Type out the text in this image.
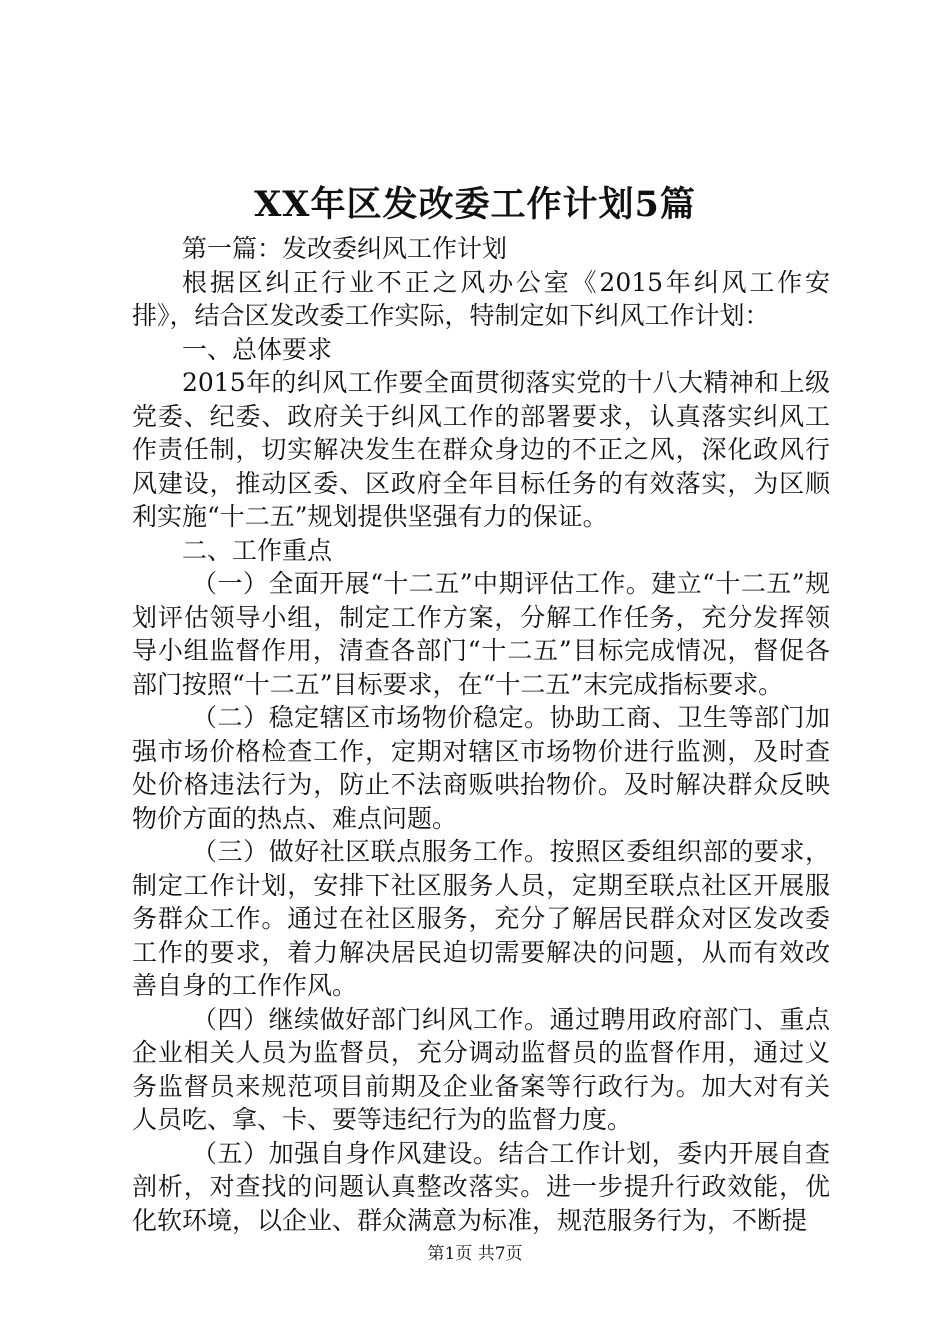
XX年区发改委工作计划5篇

第一篇：发改委纠风工作计划

根据区纠正行业不正之风办公室《2015年纠风工作安排》，结合区发改委工作实际，特制定如下纠风工作计划：

一、总体要求

2015年的纠风工作要全面贯彻落实党的十八大精神和上级党委、纪委、政府关于纠风工作的部署要求，认真落实纠风工作责任制，切实解决发生在群众身边的不正之风，深化政风行风建设，推动区委、区政府全年目标任务的有效落实，为区顺利实施“十二五”规划提供坚强有力的保证。

二、工作重点

（一）全面开展“十二五”中期评估工作。建立“十二五”规划评估领导小组，制定工作方案，分解工作任务，充分发挥领导小组监督作用，清查各部门“十二五”目标完成情况，督促各部门按照“十二五”目标要求，在“十二五”末完成指标要求。

（二）稳定辖区市场物价稳定。协助工商、卫生等部门加强市场价格检查工作，定期对辖区市场物价进行监测，及时查处价格违法行为，防止不法商贩哄抬物价。及时解决群众反映物价方面的热点、难点问题。

（三）做好社区联点服务工作。按照区委组织部的要求，制定工作计划，安排下社区服务人员，定期至联点社区开展服务群众工作。通过在社区服务，充分了解居民群众对区发改委工作的要求，着力解决居民迫切需要解决的问题，从而有效改善自身的工作作风。

（四）继续做好部门纠风工作。通过聘用政府部门、重点企业相关人员为监督员，充分调动监督员的监督作用，通过义务监督员来规范项目前期及企业备案等行政行为。加大对有关人员吃、拿、卡、要等违纪行为的监督力度。

（五）加强自身作风建设。结合工作计划，委内开展自查剖析，对查找的问题认真整改落实。进一步提升行政效能，优化软环境，以企业、群众满意为标准，规范服务行为，不断提

第1页 共7页
